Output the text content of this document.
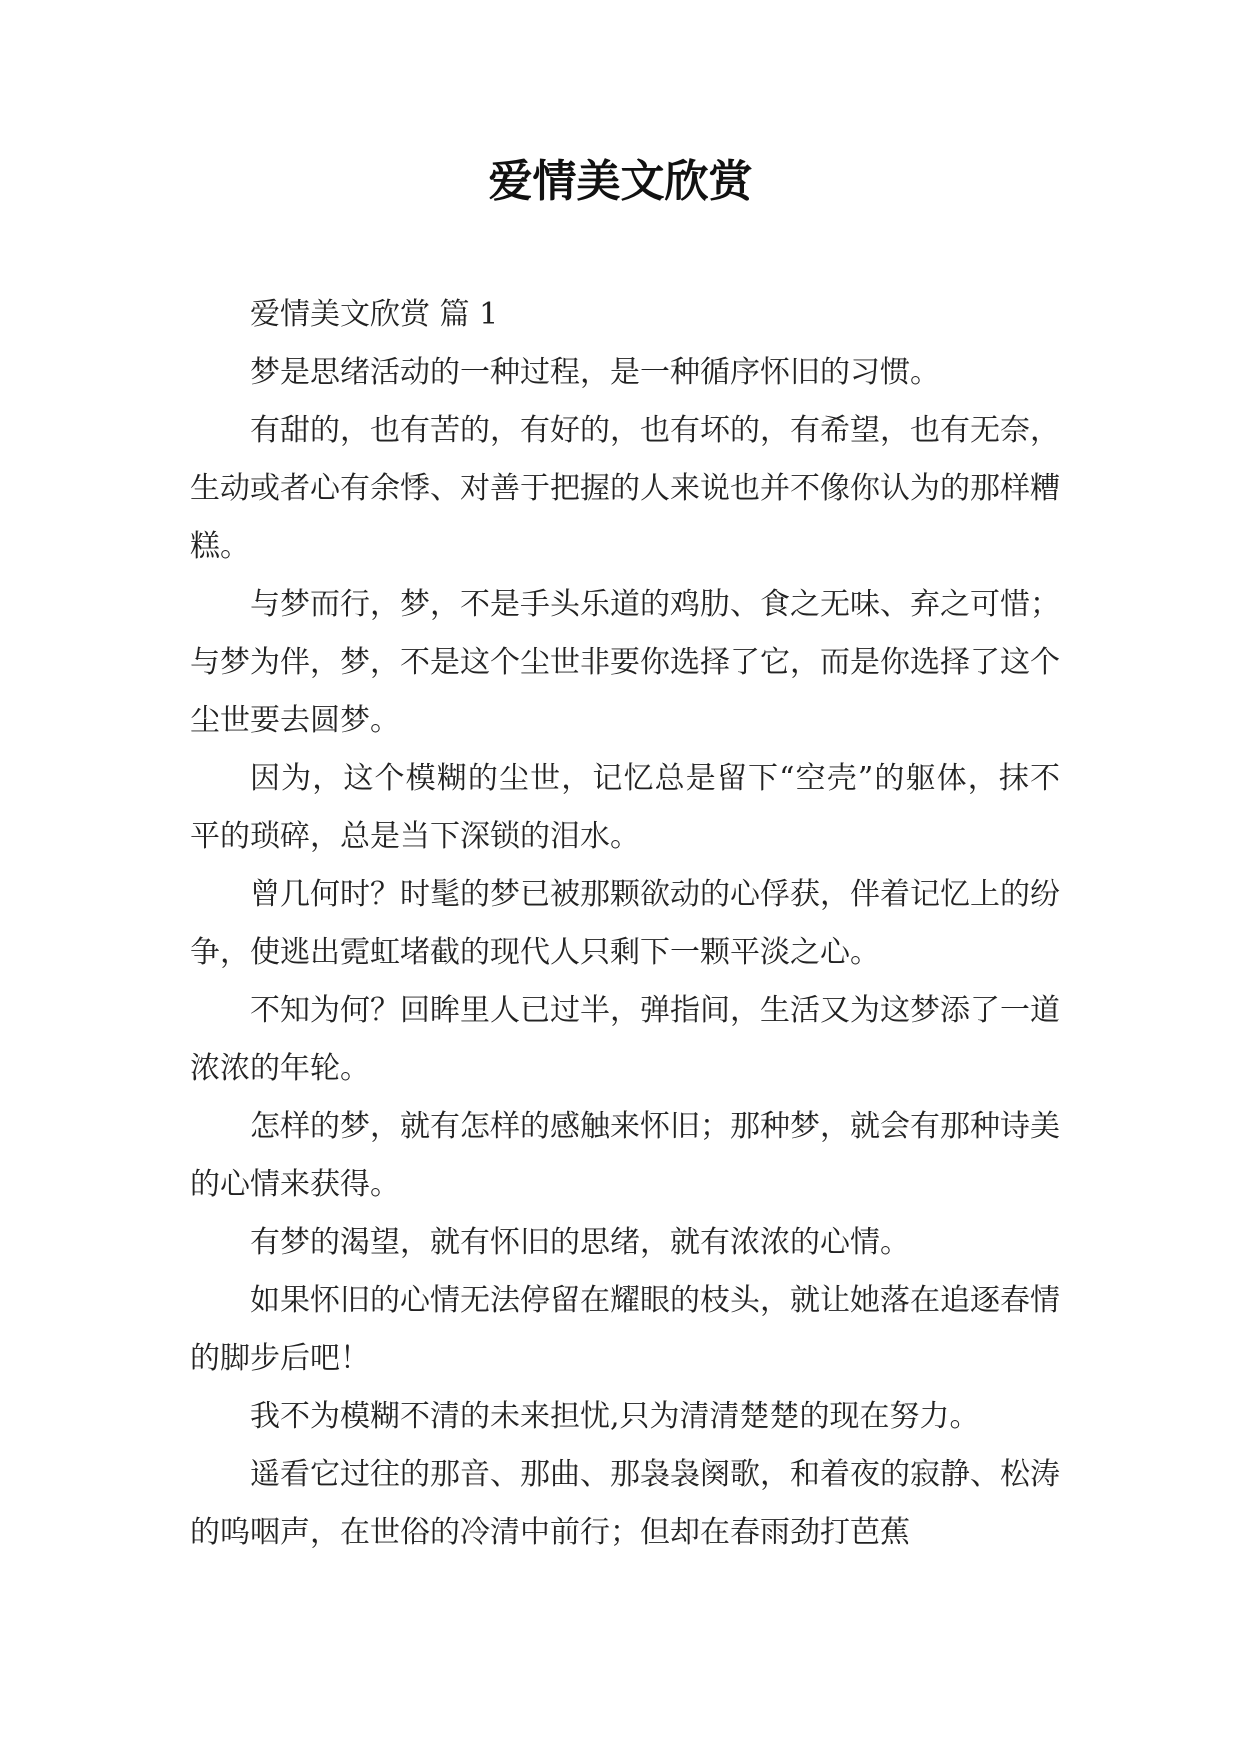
爱情美文欣赏

爱情美文欣赏 篇 1

梦是思绪活动的一种过程，是一种循序怀旧的习惯。

有甜的，也有苦的，有好的，也有坏的，有希望，也有无奈，生动或者心有余悸、对善于把握的人来说也并不像你认为的那样糟糕。

与梦而行，梦，不是手头乐道的鸡肋、食之无味、弃之可惜；与梦为伴，梦，不是这个尘世非要你选择了它，而是你选择了这个尘世要去圆梦。

因为，这个模糊的尘世，记忆总是留下“空壳”的躯体，抹不平的琐碎，总是当下深锁的泪水。

曾几何时？时髦的梦已被那颗欲动的心俘获，伴着记忆上的纷争，使逃出霓虹堵截的现代人只剩下一颗平淡之心。

不知为何？回眸里人已过半，弹指间，生活又为这梦添了一道浓浓的年轮。

怎样的梦，就有怎样的感触来怀旧；那种梦，就会有那种诗美的心情来获得。

有梦的渴望，就有怀旧的思绪，就有浓浓的心情。

如果怀旧的心情无法停留在耀眼的枝头，就让她落在追逐春情的脚步后吧！

我不为模糊不清的未来担忧,只为清清楚楚的现在努力。

遥看它过往的那音、那曲、那袅袅阕歌，和着夜的寂静、松涛的呜咽声，在世俗的冷清中前行；但却在春雨劲打芭蕉
